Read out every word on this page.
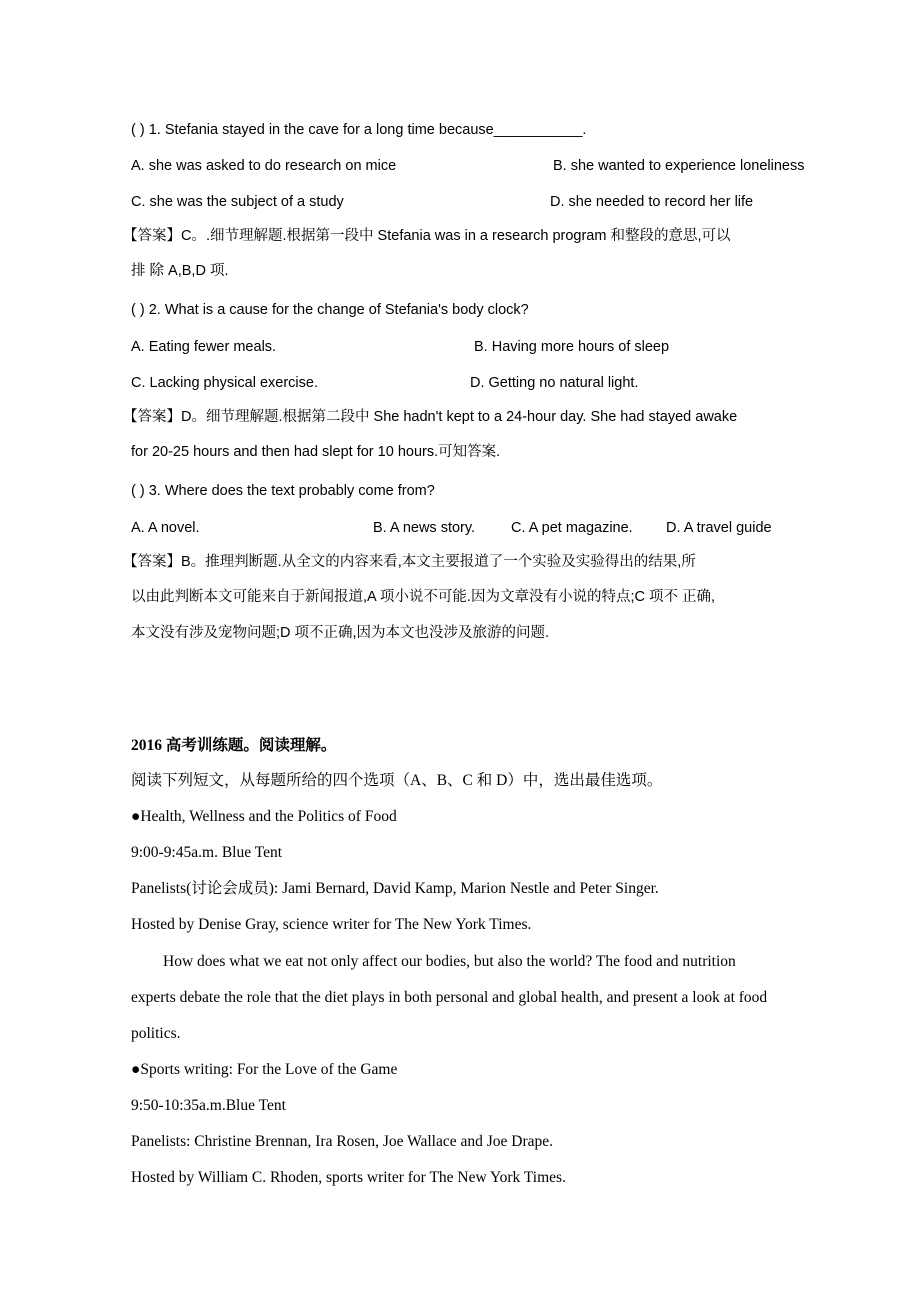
( ) 1. Stefania stayed in the cave for a long time because___________.
A. she was asked to do research on mice	B. she wanted to experience loneliness
C. she was the subject of a study	D. she needed to record her life
【答案】C。.细节理解题.根据第一段中 Stefania was in a research program 和整段的意思,可以
排 除 A,B,D 项.
( ) 2. What is a cause for the change of Stefania's body clock?
A. Eating fewer meals.	B. Having more hours of sleep
C. Lacking physical exercise.	D. Getting no natural light.
【答案】D。细节理解题.根据第二段中 She hadn't kept to a 24-hour day. She had stayed awake
for 20-25 hours and then had slept for 10 hours.可知答案.
( ) 3. Where does the text probably come from?
A. A novel.	B. A news story. C. A pet magazine. D. A travel guide
【答案】B。推理判断题.从全文的内容来看,本文主要报道了一个实验及实验得出的结果,所
以由此判断本文可能来自于新闻报道,A 项小说不可能.因为文章没有小说的特点;C 项不 正确,
本文没有涉及宠物问题;D 项不正确,因为本文也没涉及旅游的问题.
2016 高考训练题。阅读理解。
阅读下列短文，从每题所给的四个选项（A、B、C 和 D）中，选出最佳选项。
●Health, Wellness and the Politics of Food
9:00-9:45a.m. Blue Tent
Panelists(讨论会成员): Jami Bernard, David Kamp, Marion Nestle and Peter Singer.
Hosted by Denise Gray, science writer for The New York Times.
How does what we eat not only affect our bodies, but also the world? The food and nutrition
experts debate the role that the diet plays in both personal and global health, and present a look at food
politics.
●Sports writing: For the Love of the Game
9:50-10:35a.m.Blue Tent
Panelists: Christine Brennan, Ira Rosen, Joe Wallace and Joe Drape.
Hosted by William C. Rhoden, sports writer for The New York Times.
